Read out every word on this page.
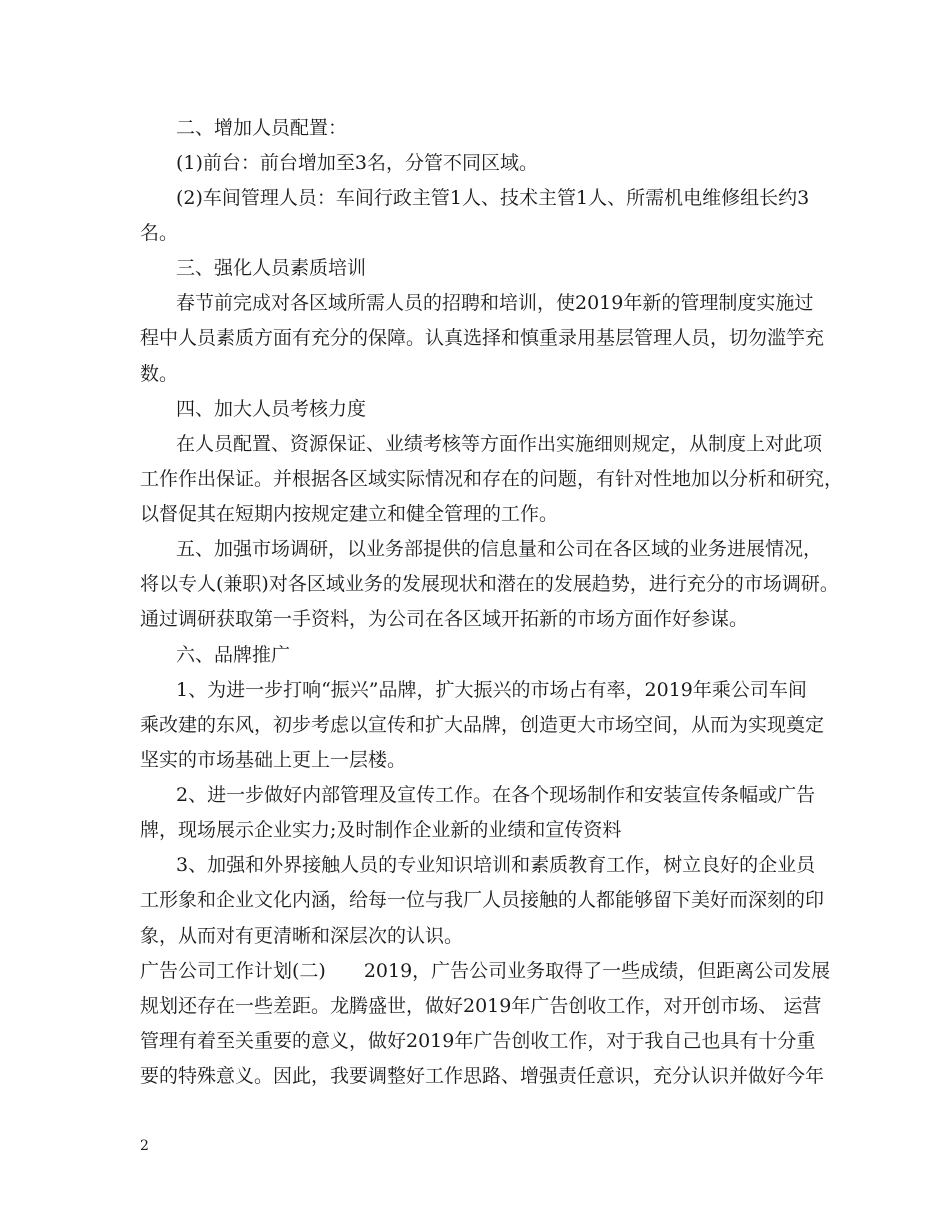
二、增加人员配置：
(1)前台：前台增加至3名，分管不同区域。
(2)车间管理人员：车间行政主管1人、技术主管1人、所需机电维修组长约3
名。
三、强化人员素质培训
春节前完成对各区域所需人员的招聘和培训，使2019年新的管理制度实施过
程中人员素质方面有充分的保障。认真选择和慎重录用基层管理人员，切勿滥竽充
数。
四、加大人员考核力度
在人员配置、资源保证、业绩考核等方面作出实施细则规定，从制度上对此项
工作作出保证。并根据各区域实际情况和存在的问题，有针对性地加以分析和研究，
以督促其在短期内按规定建立和健全管理的工作。
五、加强市场调研，以业务部提供的信息量和公司在各区域的业务进展情况，
将以专人(兼职)对各区域业务的发展现状和潜在的发展趋势，进行充分的市场调研。
通过调研获取第一手资料，为公司在各区域开拓新的市场方面作好参谋。
六、品牌推广
1、为进一步打响“振兴”品牌，扩大振兴的市场占有率，2019年乘公司车间
乘改建的东风，初步考虑以宣传和扩大品牌，创造更大市场空间，从而为实现奠定
坚实的市场基础上更上一层楼。
2、进一步做好内部管理及宣传工作。在各个现场制作和安装宣传条幅或广告
牌，现场展示企业实力;及时制作企业新的业绩和宣传资料
3、加强和外界接触人员的专业知识培训和素质教育工作，树立良好的企业员
工形象和企业文化内涵，给每一位与我厂人员接触的人都能够留下美好而深刻的印
象，从而对有更清晰和深层次的认识。
广告公司工作计划(二)　　2019，广告公司业务取得了一些成绩，但距离公司发展
规划还存在一些差距。龙腾盛世，做好2019年广告创收工作，对开创市场、 运营
管理有着至关重要的意义，做好2019年广告创收工作，对于我自己也具有十分重
要的特殊意义。因此，我要调整好工作思路、增强责任意识，充分认识并做好今年
2
